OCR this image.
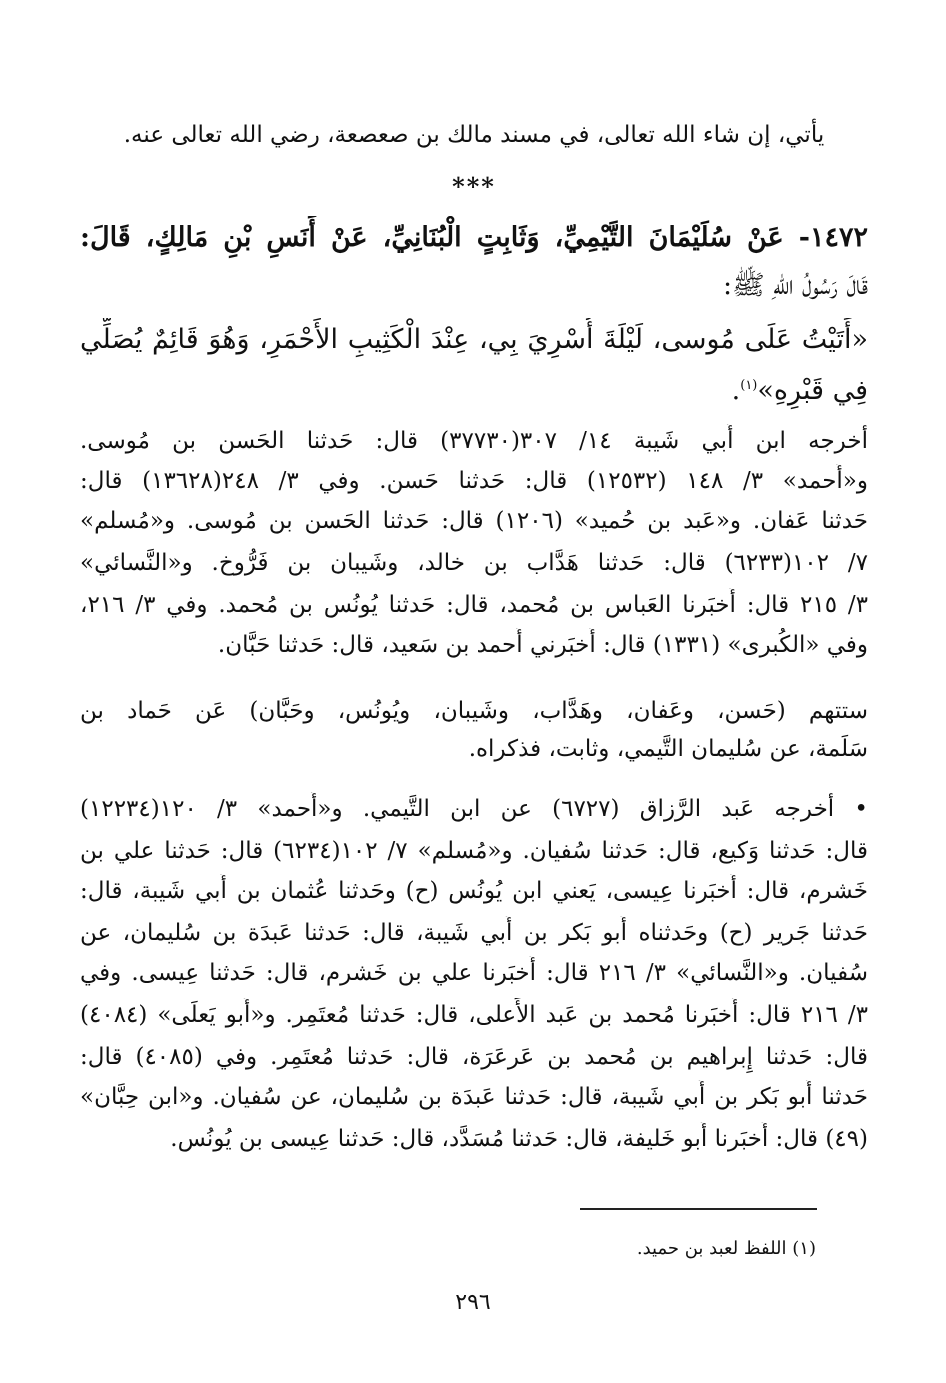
يأتي، إن شاء الله تعالى، في مسند مالك بن صعصعة، رضي الله تعالى عنه.
***
١٤٧٢- عَنْ سُلَيْمَانَ التَّيْمِيِّ، وَثَابِتٍ الْبُنَانِيِّ، عَنْ أَنَسِ بْنِ مَالِكٍ، قَالَ:
قَالَ رَسُولُ اللهِ ﷺ:
«أَتَيْتُ عَلَى مُوسى، لَيْلَةَ أُسْرِيَ بِي، عِنْدَ الْكَثِيبِ الأَحْمَرِ، وَهُوَ قَائِمٌ يُصَلِّي
فِي قَبْرِهِ»$^{(١)}$.
أخرجه ابن أَبي شَيبة ١٤/ ٣٠٧(٣٧٧٣٠) قال: حَدثنا الحَسن بن مُوسى.
و«أَحمد» ٣/ ١٤٨ (١٢٥٣٢) قال: حَدثنا حَسن. وفي ٣/ ٢٤٨(١٣٦٢٨) قال:
حَدثنا عَفان. و«عَبد بن حُميد» (١٢٠٦) قال: حَدثنا الحَسن بن مُوسى. و«مُسلم»
٧/ ١٠٢(٦٢٣٣) قال: حَدثنا هَدَّاب بن خالد، وشَيبان بن فَرُّوخ. و«النَّسائي»
٣/ ٢١٥ قال: أَخبَرنا العَباس بن مُحمد، قال: حَدثنا يُونُس بن مُحمد. وفي ٣/ ٢١٦،
وفي «الكُبرى» (١٣٣١) قال: أَخبَرني أَحمد بن سَعيد، قال: حَدثنا حَبَّان.
ستتهم (حَسن، وعَفان، وهَدَّاب، وشَيبان، ويُونُس، وحَبَّان) عَن حَماد بن
سَلَمة، عن سُليمان التَّيمي، وثابت، فذكراه.
• أخرجه عَبد الرَّزاق (٦٧٢٧) عن ابن التَّيمي. و«أَحمد» ٣/ ١٢٠(١٢٢٣٤)
قال: حَدثنا وَكيع، قال: حَدثنا سُفيان. و«مُسلم» ٧/ ١٠٢(٦٢٣٤) قال: حَدثنا علي بن
خَشرم، قال: أَخبَرنا عِيسى، يَعني ابن يُونُس (ح) وحَدثنا عُثمان بن أَبي شَيبة، قال:
حَدثنا جَرير (ح) وحَدثناه أَبو بَكر بن أَبي شَيبة، قال: حَدثنا عَبدَة بن سُليمان، عن
سُفيان. و«النَّسائي» ٣/ ٢١٦ قال: أَخبَرنا علي بن خَشرم، قال: حَدثنا عِيسى. وفي
٣/ ٢١٦ قال: أَخبَرنا مُحمد بن عَبد الأَعلى، قال: حَدثنا مُعتَمِر. و«أَبو يَعلَى» (٤٠٨٤)
قال: حَدثنا إِبراهيم بن مُحمد بن عَرعَرَة، قال: حَدثنا مُعتَمِر. وفي (٤٠٨٥) قال:
حَدثنا أَبو بَكر بن أَبي شَيبة، قال: حَدثنا عَبدَة بن سُليمان، عن سُفيان. و«ابن حِبَّان»
(٤٩) قال: أَخبَرنا أَبو خَليفة، قال: حَدثنا مُسَدَّد، قال: حَدثنا عِيسى بن يُونُس.
(١) اللفظ لعبد بن حميد.
٢٩٦
